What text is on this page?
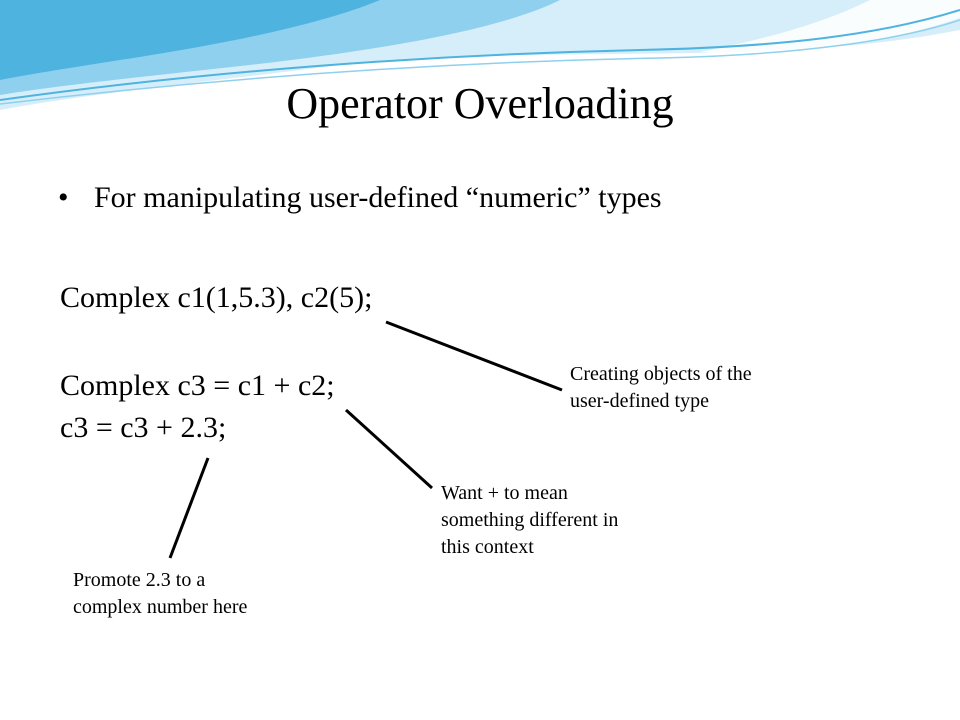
Operator Overloading
• For manipulating user-defined “numeric” types
Complex c1(1,5.3), c2(5);
Complex c3 = c1 + c2;
c3 = c3 + 2.3;
Creating objects of the
user-defined type
Want + to mean
something different in
this context
Promote 2.3 to a
complex number here
